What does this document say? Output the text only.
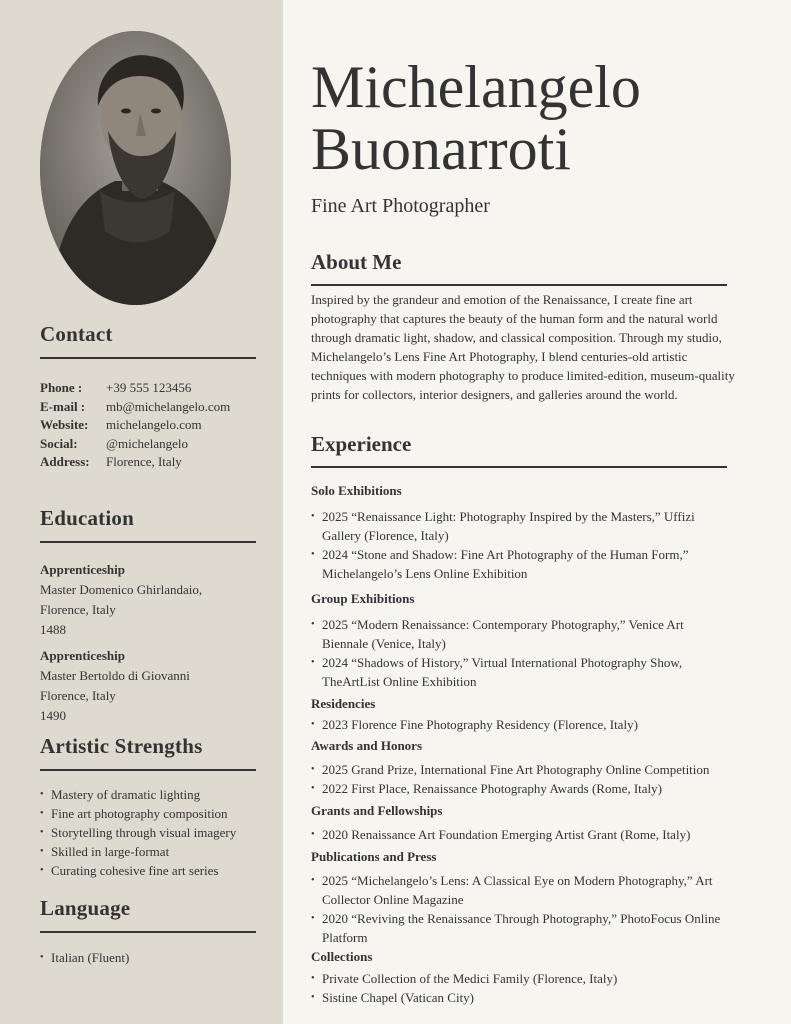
Contact
Phone :	+39 555 123456
E-mail :	mb@michelangelo.com
Website:	michelangelo.com
Social:	@michelangelo
Address:	Florence, Italy
Education
Apprenticeship
Master Domenico Ghirlandaio,
Florence, Italy
1488
Apprenticeship
Master Bertoldo di Giovanni
Florence, Italy
1490
Artistic Strengths
• Mastery of dramatic lighting
• Fine art photography composition
• Storytelling through visual imagery
• Skilled in large-format
• Curating cohesive fine art series
Language
• Italian (Fluent)
Michelangelo
Buonarroti
Fine Art Photographer
About Me
Inspired by the grandeur and emotion of the Renaissance, I create fine art photography that captures the beauty of the human form and the natural world through dramatic light, shadow, and classical composition. Through my studio, Michelangelo’s Lens Fine Art Photography, I blend centuries-old artistic techniques with modern photography to produce limited-edition, museum-quality prints for collectors, interior designers, and galleries around the world.
Experience
Solo Exhibitions
• 2025 “Renaissance Light: Photography Inspired by the Masters,” Uffizi Gallery (Florence, Italy)
• 2024 “Stone and Shadow: Fine Art Photography of the Human Form,” Michelangelo’s Lens Online Exhibition
Group Exhibitions
• 2025 “Modern Renaissance: Contemporary Photography,” Venice Art Biennale (Venice, Italy)
• 2024 “Shadows of History,” Virtual International Photography Show, TheArtList Online Exhibition
Residencies
• 2023 Florence Fine Photography Residency (Florence, Italy)
Awards and Honors
• 2025 Grand Prize, International Fine Art Photography Online Competition
• 2022 First Place, Renaissance Photography Awards (Rome, Italy)
Grants and Fellowships
• 2020 Renaissance Art Foundation Emerging Artist Grant (Rome, Italy)
Publications and Press
• 2025 “Michelangelo’s Lens: A Classical Eye on Modern Photography,” Art Collector Online Magazine
• 2020 “Reviving the Renaissance Through Photography,” PhotoFocus Online Platform
Collections
• Private Collection of the Medici Family (Florence, Italy)
• Sistine Chapel (Vatican City)
